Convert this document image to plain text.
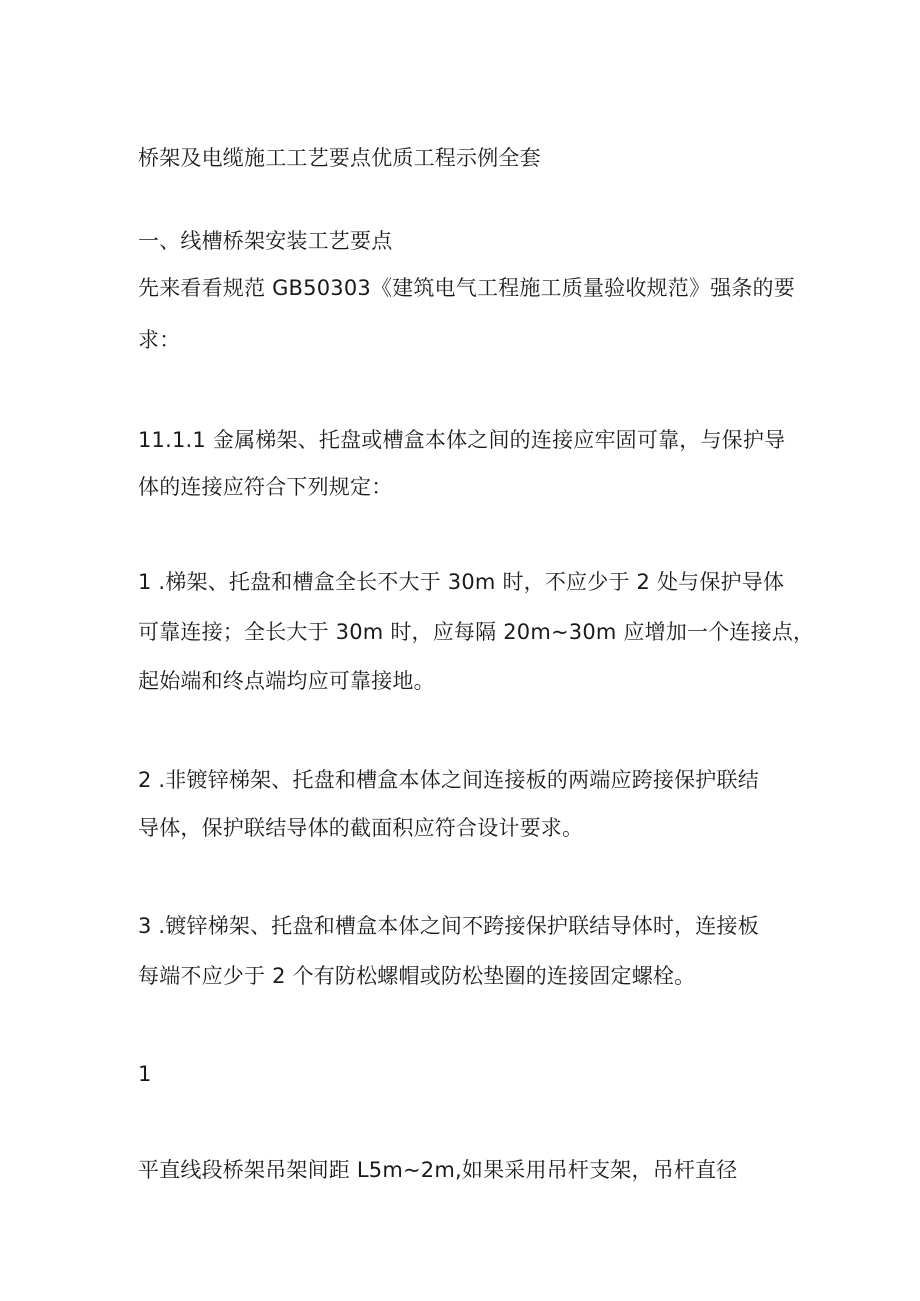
桥架及电缆施工工艺要点优质工程示例全套
一、线槽桥架安装工艺要点
先来看看规范 GB50303《建筑电气工程施工质量验收规范》强条的要
求：
11.1.1 金属梯架、托盘或槽盒本体之间的连接应牢固可靠，与保护导
体的连接应符合下列规定：
1 .梯架、托盘和槽盒全长不大于 30m 时，不应少于 2 处与保护导体
可靠连接；全长大于 30m 时，应每隔 20m~30m 应增加一个连接点，
起始端和终点端均应可靠接地。
2 .非镀锌梯架、托盘和槽盒本体之间连接板的两端应跨接保护联结
导体，保护联结导体的截面积应符合设计要求。
3 .镀锌梯架、托盘和槽盒本体之间不跨接保护联结导体时，连接板
每端不应少于 2 个有防松螺帽或防松垫圈的连接固定螺栓。
1
平直线段桥架吊架间距 L5m~2m,如果采用吊杆支架，吊杆直径
